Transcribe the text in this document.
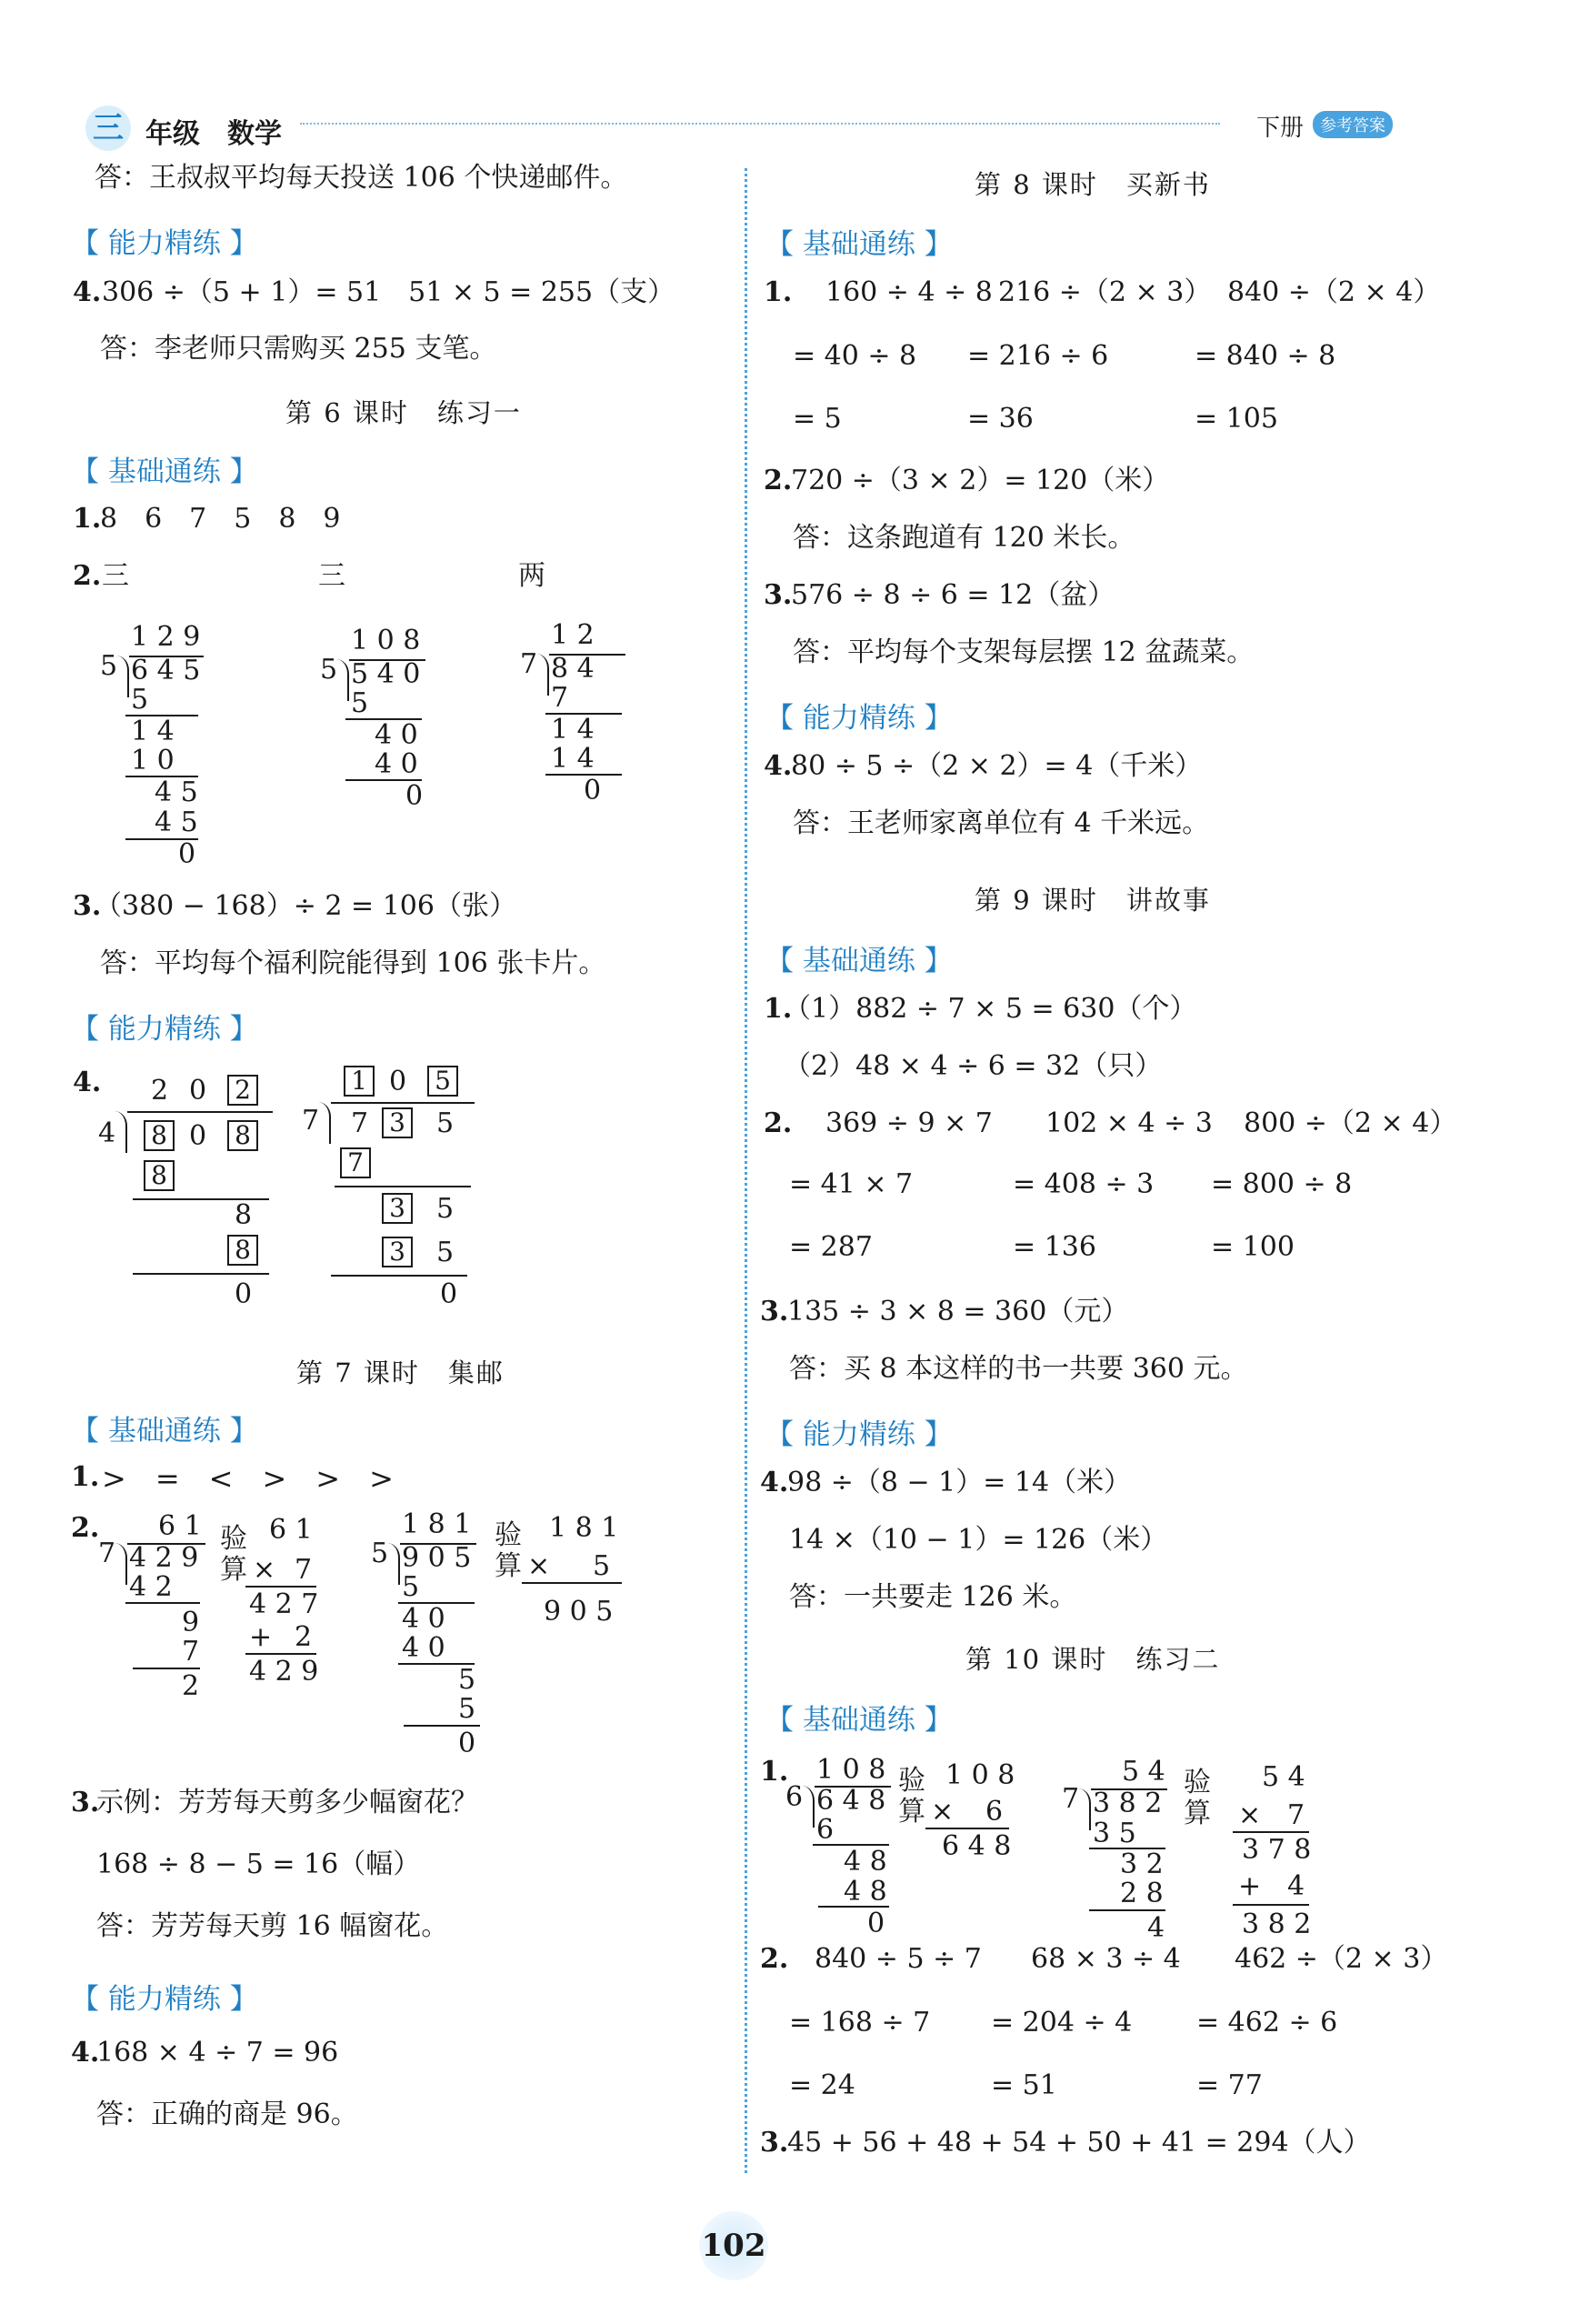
三 年级 数学	下册 参考答案
答：王叔叔平均每天投送 106 个快递邮件。
【 能力精练 】
4. 306 ÷（5 + 1）= 51　51 × 5 = 255（支）
答：李老师只需购买 255 支笔。
第 6 课时　练习一
【 基础通练 】
1.
8　6　7　5　8　9
2. 三	三	两
1 2 9
5 6 4 5
5
1 4
1 0
4 5
4 5
0
1 0 8
5 5 4 0
5
4 0
4 0
0
1 2
7 8 4
7
1 4
1 4
0
3.
（380 − 168）÷ 2 = 106（张）
答：平均每个福利院能得到 106 张卡片。
【 能力精练 】
4. 2 0 2
4 8 0 8
8
8
8
0
1 0 5
7 7 3 5
7
3 5
3 5
0
第 7 课时　集邮
【 基础通练 】
1. >　=　<　>　>　>
2. 6 1
7 4 2 9
4 2
9
7
2
验
算
6 1
× 7
4 2 7
+ 2
4 2 9
1 8 1
5 9 0 5
5
4 0
4 0
5
5
0
验
算
1 8 1
× 5
9 0 5
3.
示例：芳芳每天剪多少幅窗花？
168 ÷ 8 − 5 = 16（幅）
答：芳芳每天剪 16 幅窗花。
【 能力精练 】
4.
168 × 4 ÷ 7 = 96
答：正确的商是 96。
第 8 课时　买新书
【 基础通练 】
1. 160 ÷ 4 ÷ 8 216 ÷（2 × 3） 840 ÷（2 × 4）
= 40 ÷ 8 = 216 ÷ 6	= 840 ÷ 8
= 5	= 36	= 105
2.
720 ÷（3 × 2）= 120（米）
答：这条跑道有 120 米长。
3.
576 ÷ 8 ÷ 6 = 12（盆）
答：平均每个支架每层摆 12 盆蔬菜。
【 能力精练 】
4.
80 ÷ 5 ÷（2 × 2）= 4（千米）
答：王老师家离单位有 4 千米远。
第 9 课时　讲故事
【 基础通练 】
1.
（1）882 ÷ 7 × 5 = 630（个）
（2）48 × 4 ÷ 6 = 32（只）
2. 369 ÷ 9 × 7 102 × 4 ÷ 3 800 ÷（2 × 4）
= 41 × 7	= 408 ÷ 3 = 800 ÷ 8
= 287	= 136	= 100
3.
135 ÷ 3 × 8 = 360（元）
答：买 8 本这样的书一共要 360 元。
【 能力精练 】
4.
98 ÷（8 − 1）= 14（米）
14 ×（10 − 1）= 126（米）
答：一共要走 126 米。
第 10 课时　练习二
【 基础通练 】
1. 1 0 8
6 6 4 8
6
4 8
4 8
0
验
算
1 0 8
× 6
6 4 8
5 4
7 3 8 2
3 5
3 2
2 8
4
验
算
5 4
× 7
3 7 8
+ 4
3 8 2
2. 840 ÷ 5 ÷ 7 68 × 3 ÷ 4 462 ÷（2 × 3）
= 168 ÷ 7 = 204 ÷ 4 = 462 ÷ 6
= 24	= 51	= 77
3.
45 + 56 + 48 + 54 + 50 + 41 = 294（人）
102
